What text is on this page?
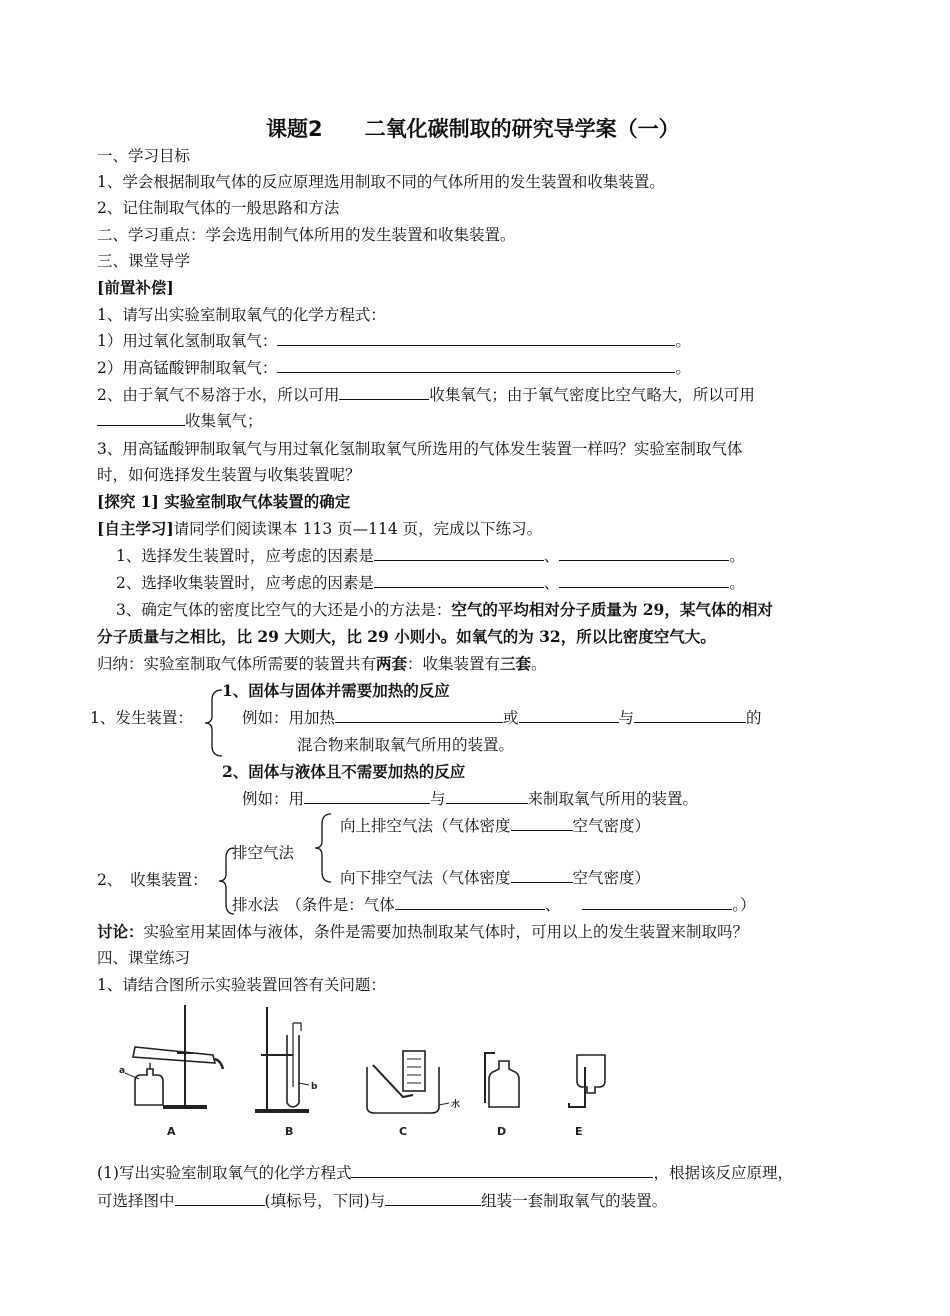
课题2　　二氧化碳制取的研究导学案（一）
一、学习目标
1、学会根据制取气体的反应原理选用制取不同的气体所用的发生装置和收集装置。
2、记住制取气体的一般思路和方法
二、学习重点：学会选用制气体所用的发生装置和收集装置。
三、课堂导学
[前置补偿]
1、请写出实验室制取氧气的化学方程式：
1）用过氧化氢制取氧气：	。
2）用高锰酸钾制取氧气：	。
2、由于氧气不易溶于水，所以可用	收集氧气；由于氧气密度比空气略大，所以可用
收集氧气；
3、用高锰酸钾制取氧气与用过氧化氢制取氧气所选用的气体发生装置一样吗？实验室制取气体
时，如何选择发生装置与收集装置呢？
[探究 1] 实验室制取气体装置的确定
[自主学习]请同学们阅读课本 113 页—114 页，完成以下练习。
1、选择发生装置时，应考虑的因素是	、	。
2、选择收集装置时，应考虑的因素是	、	。
3、确定气体的密度比空气的大还是小的方法是：空气的平均相对分子质量为 29，某气体的相对
分子质量与之相比，比 29 大则大，比 29 小则小。如氧气的为 32，所以比密度空气大。
归纳：实验室制取气体所需要的装置共有两套：收集装置有三套。
1、发生装置：
1、固体与固体并需要加热的反应
例如：用加热	或	与	的
混合物来制取氧气所用的装置。
2、固体与液体且不需要加热的反应
例如：用	与	来制取氧气所用的装置。
2、　收集装置：
排空气法
向上排空气法（气体密度	空气密度）
向下排空气法（气体密度	空气密度）
排水法　（条件是：气体	、	。）
讨论：实验室用某固体与液体，条件是需要加热制取某气体时，可用以上的发生装置来制取吗？
四、课堂练习
1、请结合图所示实验装置回答有关问题：
a
A
b
B
水
C	D	E
(1)写出实验室制取氧气的化学方程式	，根据该反应原理，
可选择图中	(填标号，下同)与	组装一套制取氧气的装置。
